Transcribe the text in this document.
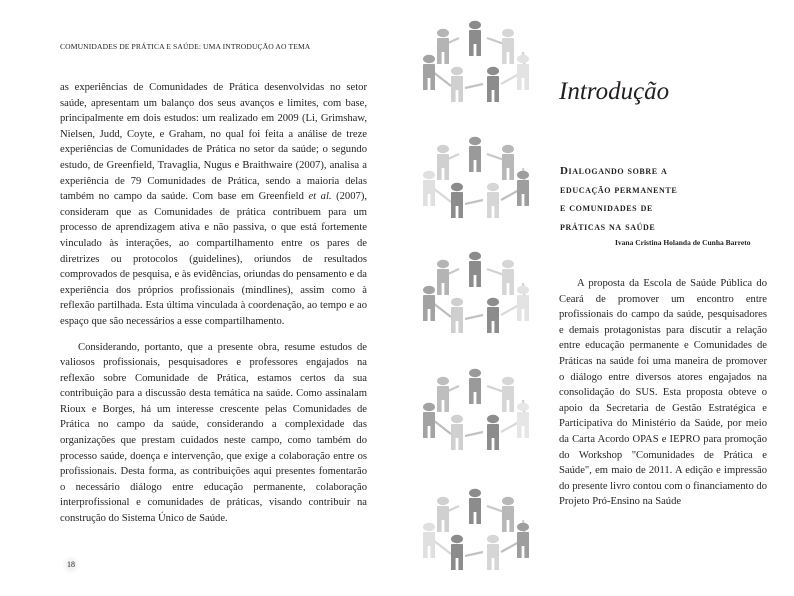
COMUNIDADES DE PRÁTICA E SAÚDE: UMA INTRODUÇÃO AO TEMA

as experiências de Comunidades de Prática desenvolvidas no setor saúde, apresentam um balanço dos seus avanços e limites, com base, principalmente em dois estudos: um realizado em 2009 (Li, Grimshaw, Nielsen, Judd, Coyte, e Graham, no qual foi feita a análise de treze experiências de Comunidades de Prática no setor da saúde; o segundo estudo, de Greenfield, Travaglia, Nugus e Braithwaire (2007), analisa a experiência de 79 Comunidades de Prática, sendo a maioria delas também no campo da saúde. Com base em Greenfield et al. (2007), consideram que as Comunidades de prática contribuem para um processo de aprendizagem ativa e não passiva, o que está fortemente vinculado às interações, ao compartilhamento entre os pares de diretrizes ou protocolos (guidelines), oriundos de resultados comprovados de pesquisa, e às evidências, oriundas do pensamento e da experiência dos próprios profissionais (mindlines), assim como à reflexão partilhada. Esta última vinculada à coordenação, ao tempo e ao espaço que são necessários a esse compartilhamento.

Considerando, portanto, que a presente obra, resume estudos de valiosos profissionais, pesquisadores e professores engajados na reflexão sobre Comunidade de Prática, estamos certos da sua contribuição para a discussão desta temática na saúde. Como assinalam Rioux e Borges, há um interesse crescente pelas Comunidades de Prática no campo da saúde, considerando a complexidade das organizações que prestam cuidados neste campo, como também do processo saúde, doença e intervenção, que exige a colaboração entre os profissionais. Desta forma, as contribuições aqui presentes fomentarão o necessário diálogo entre educação permanente, colaboração interprofissional e comunidades de práticas, visando contribuir na construção do Sistema Único de Saúde.

18
Introdução
Dialogando sobre a
educação permanente
e comunidades de
práticas na saúde
Ivana Cristina Holanda de Cunha Barreto

A proposta da Escola de Saúde Pública do Ceará de promover um encontro entre profissionais do campo da saúde, pesquisadores e demais protagonistas para discutir a relação entre educação permanente e Comunidades de Práticas na saúde foi uma maneira de promover o diálogo entre diversos atores engajados na consolidação do SUS. Esta proposta obteve o apoio da Secretaria de Gestão Estratégica e Participativa do Ministério da Saúde, por meio da Carta Acordo OPAS e IEPRO para promoção do Workshop "Comunidades de Prática e Saúde", em maio de 2011. A edição e impressão do presente livro contou com o financiamento do Projeto Pró-Ensino na Saúde
